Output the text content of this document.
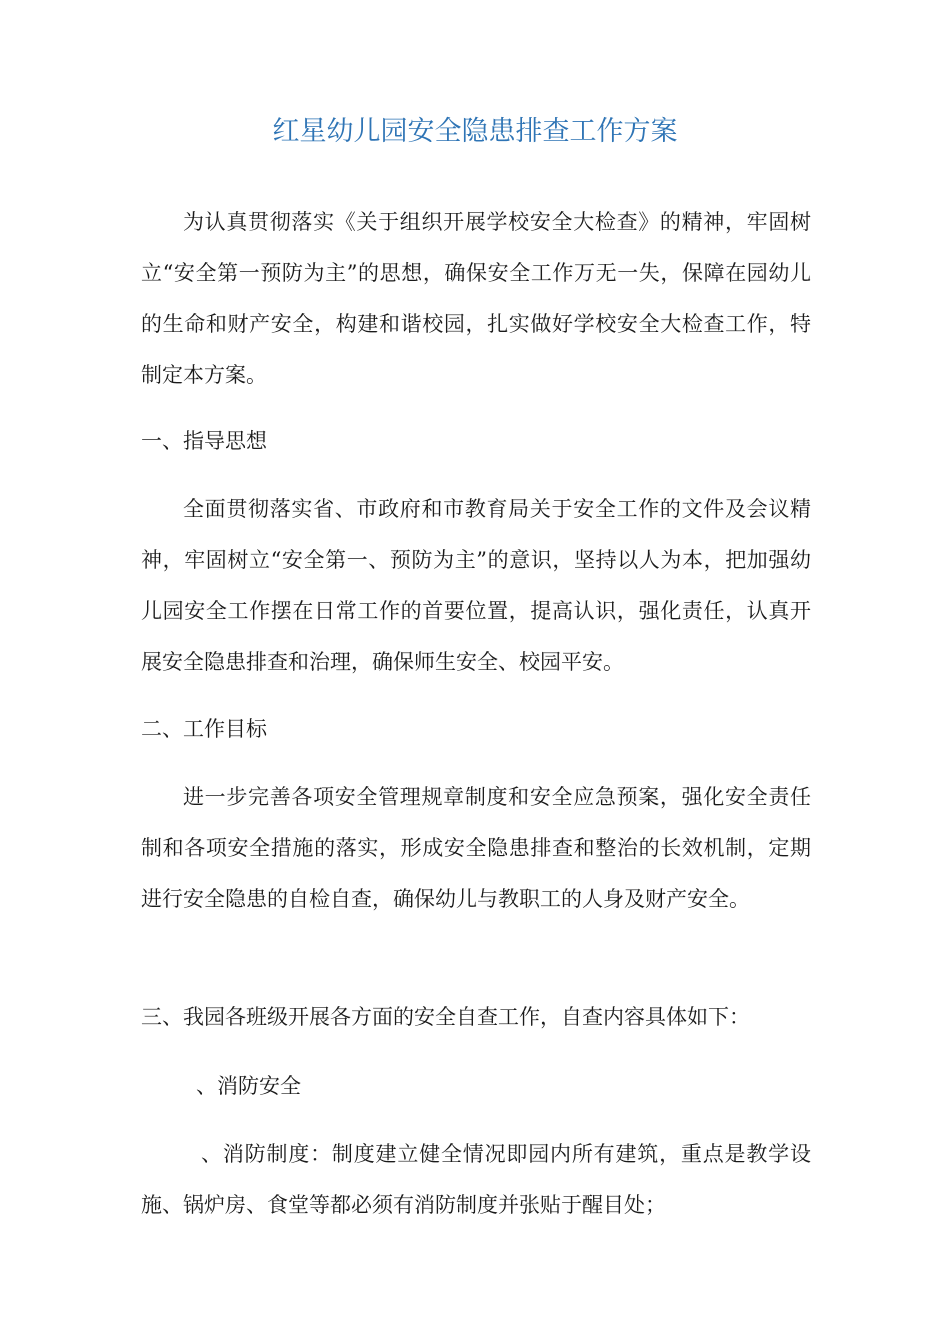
红星幼儿园安全隐患排查工作方案

为认真贯彻落实《关于组织开展学校安全大检查》的精神，牢固树立“安全第一预防为主”的思想，确保安全工作万无一失，保障在园幼儿的生命和财产安全，构建和谐校园，扎实做好学校安全大检查工作，特制定本方案。

一、指导思想

全面贯彻落实省、市政府和市教育局关于安全工作的文件及会议精神，牢固树立“安全第一、预防为主”的意识，坚持以人为本，把加强幼儿园安全工作摆在日常工作的首要位置，提高认识，强化责任，认真开展安全隐患排查和治理，确保师生安全、校园平安。

二、工作目标

进一步完善各项安全管理规章制度和安全应急预案，强化安全责任制和各项安全措施的落实，形成安全隐患排查和整治的长效机制，定期进行安全隐患的自检自查，确保幼儿与教职工的人身及财产安全。

三、我园各班级开展各方面的安全自查工作，自查内容具体如下：

、消防安全

、消防制度：制度建立健全情况即园内所有建筑，重点是教学设施、锅炉房、食堂等都必须有消防制度并张贴于醒目处；
